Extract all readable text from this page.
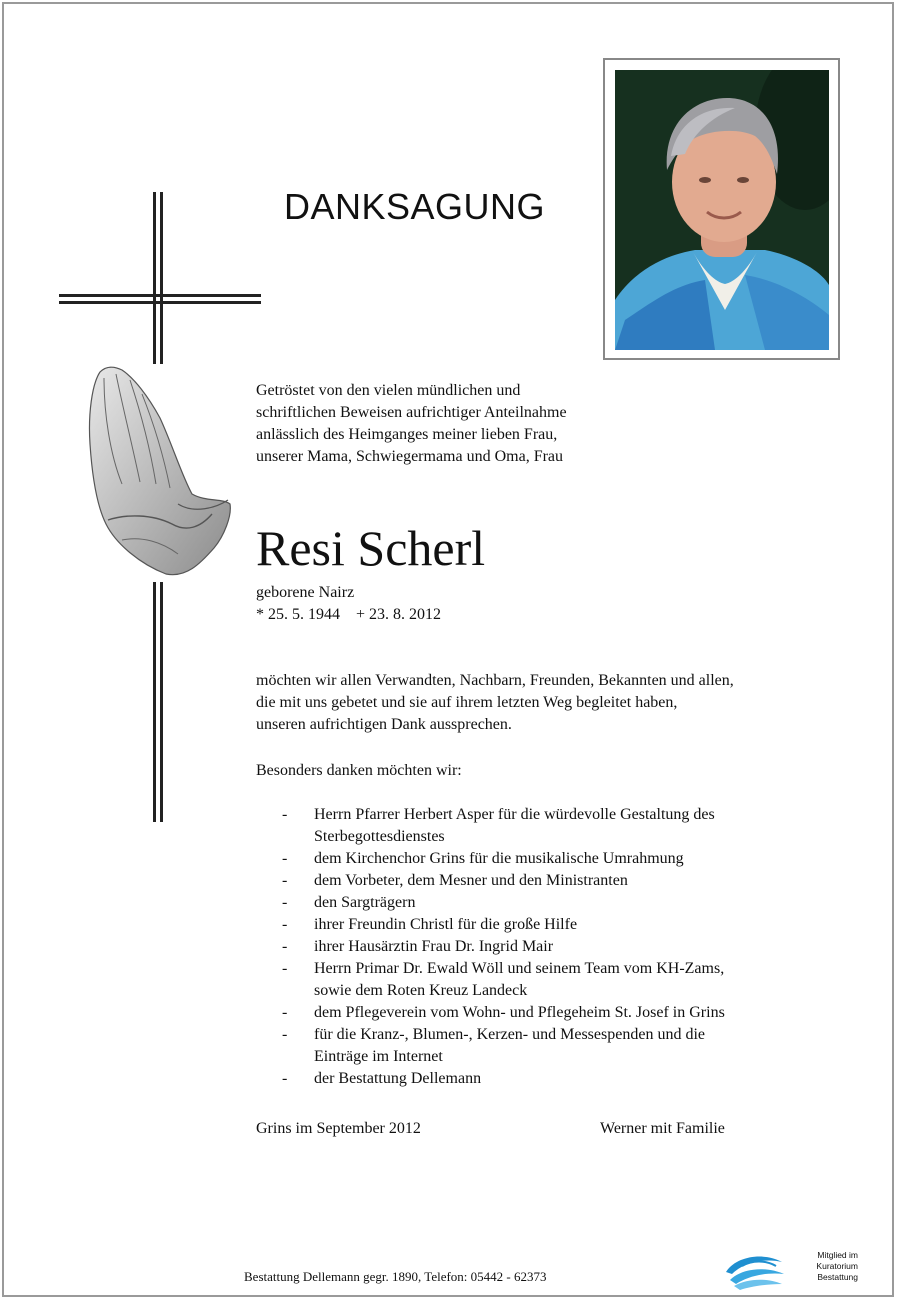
DANKSAGUNG
Getröstet von den vielen mündlichen und
schriftlichen Beweisen aufrichtiger Anteilnahme
anlässlich des Heimganges meiner lieben Frau,
unserer Mama, Schwiegermama und Oma, Frau
Resi Scherl
geborene Nairz
* 25. 5. 1944 + 23. 8. 2012
möchten wir allen Verwandten, Nachbarn, Freunden, Bekannten und allen,
die mit uns gebetet und sie auf ihrem letzten Weg begleitet haben,
unseren aufrichtigen Dank aussprechen.
Besonders danken möchten wir:
- Herrn Pfarrer Herbert Asper für die würdevolle Gestaltung des
Sterbegottesdienstes
- dem Kirchenchor Grins für die musikalische Umrahmung
- dem Vorbeter, dem Mesner und den Ministranten
- den Sargträgern
- ihrer Freundin Christl für die große Hilfe
- ihrer Hausärztin Frau Dr. Ingrid Mair
- Herrn Primar Dr. Ewald Wöll und seinem Team vom KH-Zams,
sowie dem Roten Kreuz Landeck
- dem Pflegeverein vom Wohn- und Pflegeheim St. Josef in Grins
- für die Kranz-, Blumen-, Kerzen- und Messespenden und die
Einträge im Internet
- der Bestattung Dellemann
Grins im September 2012	Werner mit Familie
Bestattung Dellemann gegr. 1890, Telefon: 05442 - 62373
Mitglied im
Kuratorium Bestattung
